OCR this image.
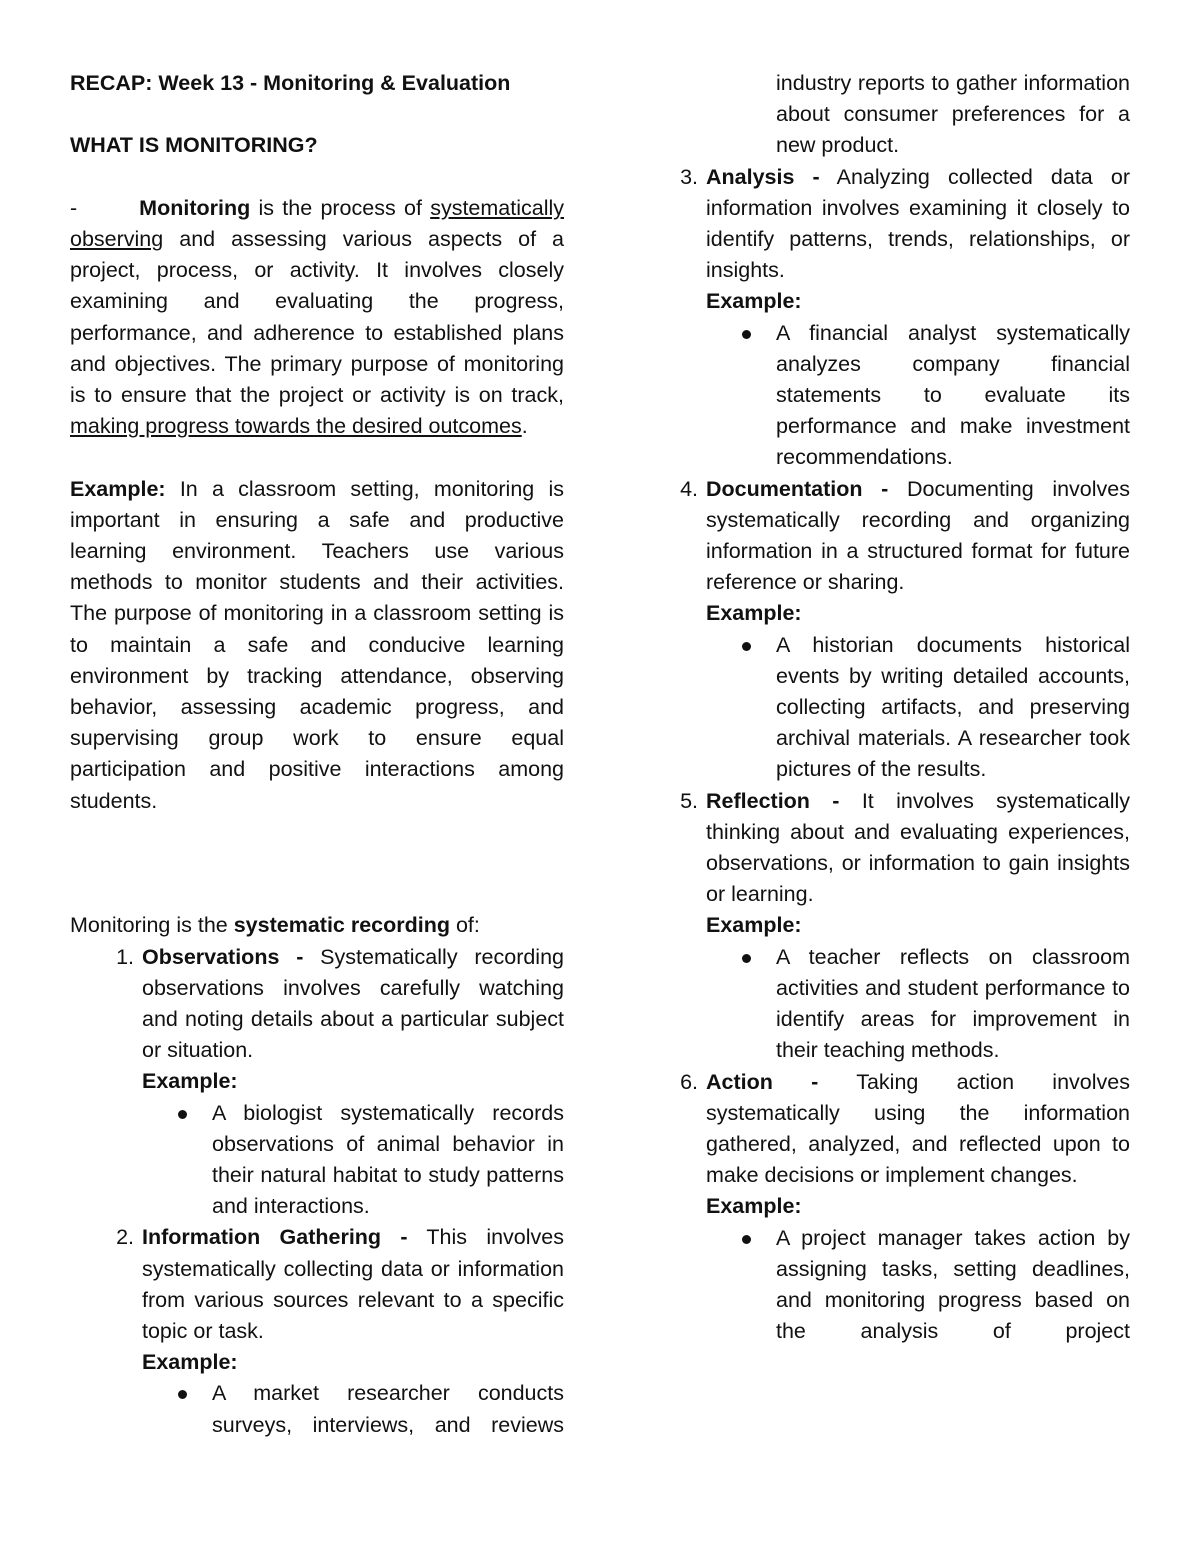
RECAP: Week 13 - Monitoring & Evaluation

WHAT IS MONITORING?

-	Monitoring is the process of systematically observing and assessing various aspects of a project, process, or activity. It involves closely examining and evaluating the progress, performance, and adherence to established plans and objectives. The primary purpose of monitoring is to ensure that the project or activity is on track, making progress towards the desired outcomes.

Example: In a classroom setting, monitoring is important in ensuring a safe and productive learning environment. Teachers use various methods to monitor students and their activities. The purpose of monitoring in a classroom setting is to maintain a safe and conducive learning environment by tracking attendance, observing behavior, assessing academic progress, and supervising group work to ensure equal participation and positive interactions among students.

Monitoring is the systematic recording of:

1. Observations - Systematically recording observations involves carefully watching and noting details about a particular subject or situation.
Example:
A biologist systematically records observations of animal behavior in their natural habitat to study patterns and interactions.
2. Information Gathering - This involves systematically collecting data or information from various sources relevant to a specific topic or task.
Example:
A market researcher conducts surveys, interviews, and reviews
industry reports to gather information about consumer preferences for a new product.
3. Analysis - Analyzing collected data or information involves examining it closely to identify patterns, trends, relationships, or insights.
Example:
A financial analyst systematically analyzes company financial statements to evaluate its performance and make investment recommendations.
4. Documentation - Documenting involves systematically recording and organizing information in a structured format for future reference or sharing.
Example:
A historian documents historical events by writing detailed accounts, collecting artifacts, and preserving archival materials. A researcher took pictures of the results.
5. Reflection - It involves systematically thinking about and evaluating experiences, observations, or information to gain insights or learning.
Example:
A teacher reflects on classroom activities and student performance to identify areas for improvement in their teaching methods.
6. Action - Taking action involves systematically using the information gathered, analyzed, and reflected upon to make decisions or implement changes.
Example:
A project manager takes action by assigning tasks, setting deadlines, and monitoring progress based on the analysis of project
